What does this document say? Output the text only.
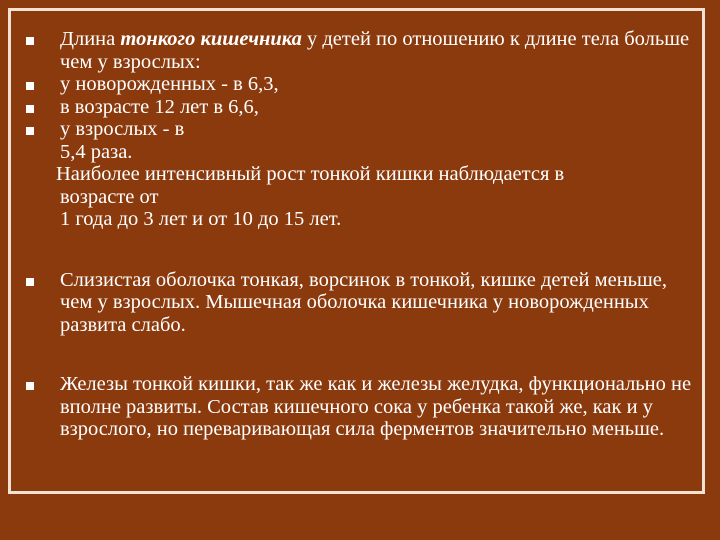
Длина тонкого кишечника у детей по отношению к длине тела больше чем у взрослых:
у новорожденных - в 6,3,
в возрасте 12 лет в 6,6,
у взрослых - в
5,4 раза.
Наиболее интенсивный рост тонкой кишки наблюдается в
возрасте от
1 года до 3 лет и от 10 до 15 лет.
Слизистая оболочка тонкая, ворсинок в тонкой, кишке детей меньше, чем у взрослых. Мышечная оболочка кишечника у новорожденных развита слабо.
Железы тонкой кишки, так же как и железы желудка, функционально не вполне развиты. Состав кишечного сока у ребенка такой же, как и у взрослого, но переваривающая сила ферментов значительно меньше.
